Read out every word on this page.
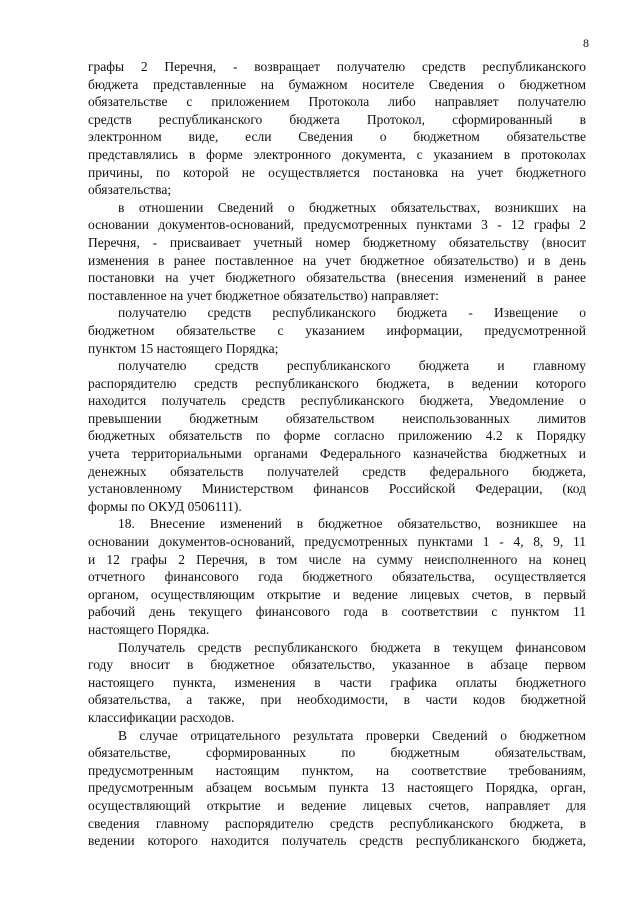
8
графы 2 Перечня, - возвращает получателю средств республиканского
бюджета представленные на бумажном носителе Сведения о бюджетном
обязательстве с приложением Протокола либо направляет получателю
средств республиканского бюджета Протокол, сформированный в
электронном виде, если Сведения о бюджетном обязательстве
представлялись в форме электронного документа, с указанием в протоколах
причины, по которой не осуществляется постановка на учет бюджетного
обязательства;
в отношении Сведений о бюджетных обязательствах, возникших на
основании документов-оснований, предусмотренных пунктами 3 - 12 графы 2
Перечня, - присваивает учетный номер бюджетному обязательству (вносит
изменения в ранее поставленное на учет бюджетное обязательство) и в день
постановки на учет бюджетного обязательства (внесения изменений в ранее
поставленное на учет бюджетное обязательство) направляет:
получателю средств республиканского бюджета - Извещение о
бюджетном обязательстве с указанием информации, предусмотренной
пунктом 15 настоящего Порядка;
получателю средств республиканского бюджета и главному
распорядителю средств республиканского бюджета, в ведении которого
находится получатель средств республиканского бюджета, Уведомление о
превышении бюджетным обязательством неиспользованных лимитов
бюджетных обязательств по форме согласно приложению 4.2 к Порядку
учета территориальными органами Федерального казначейства бюджетных и
денежных обязательств получателей средств федерального бюджета,
установленному Министерством финансов Российской Федерации, (код
формы по ОКУД 0506111).
18. Внесение изменений в бюджетное обязательство, возникшее на
основании документов-оснований, предусмотренных пунктами 1 - 4, 8, 9, 11
и 12 графы 2 Перечня, в том числе на сумму неисполненного на конец
отчетного финансового года бюджетного обязательства, осуществляется
органом, осуществляющим открытие и ведение лицевых счетов, в первый
рабочий день текущего финансового года в соответствии с пунктом 11
настоящего Порядка.
Получатель средств республиканского бюджета в текущем финансовом
году вносит в бюджетное обязательство, указанное в абзаце первом
настоящего пункта, изменения в части графика оплаты бюджетного
обязательства, а также, при необходимости, в части кодов бюджетной
классификации расходов.
В случае отрицательного результата проверки Сведений о бюджетном
обязательстве, сформированных по бюджетным обязательствам,
предусмотренным настоящим пунктом, на соответствие требованиям,
предусмотренным абзацем восьмым пункта 13 настоящего Порядка, орган,
осуществляющий открытие и ведение лицевых счетов, направляет для
сведения главному распорядителю средств республиканского бюджета, в
ведении которого находится получатель средств республиканского бюджета,
